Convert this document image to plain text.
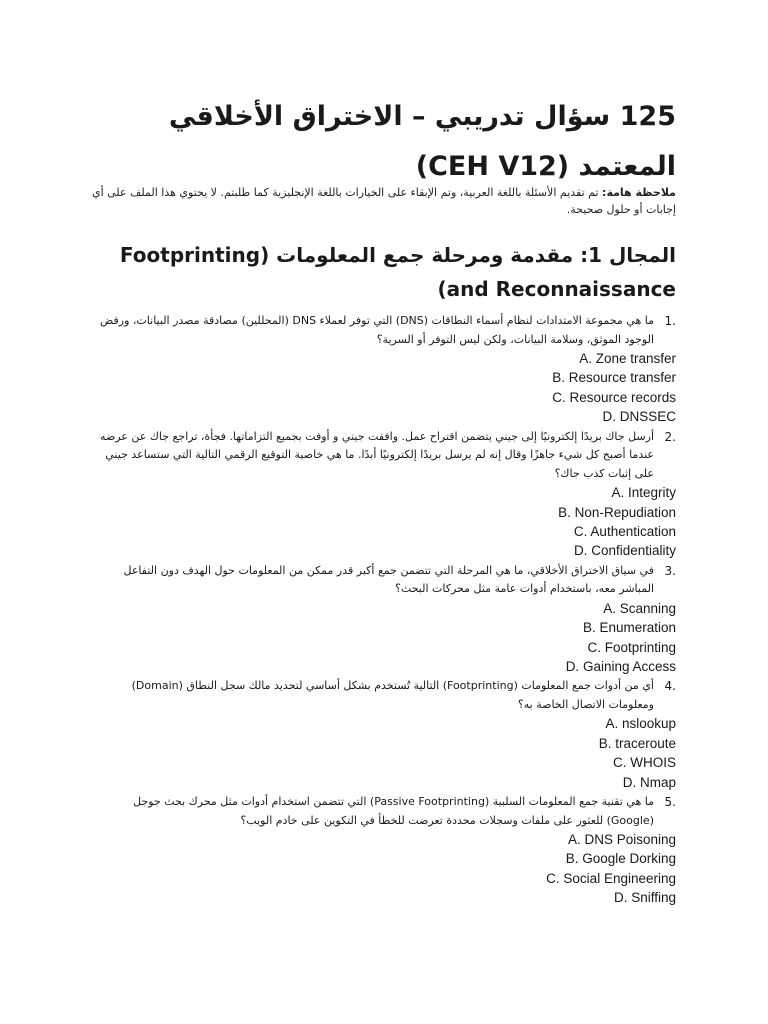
125 سؤال تدريبي – الاختراق الأخلاقي المعتمد (CEH V12)

ملاحظة هامة: تم تقديم الأسئلة باللغة العربية، وتم الإبقاء على الخيارات باللغة الإنجليزية كما طلبتم. لا يحتوي هذا الملف على أي إجابات أو حلول صحيحة.

المجال 1: مقدمة ومرحلة جمع المعلومات (Footprinting and Reconnaissance)
1.
ما هي مجموعة الامتدادات لنظام أسماء النطاقات (DNS) التي توفر لعملاء DNS (المحللين) مصادقة مصدر البيانات، ورفض الوجود الموثق، وسلامة البيانات، ولكن ليس التوفر أو السرية؟
A. Zone transfer
B. Resource transfer
C. Resource records
D. DNSSEC
2.
أرسل جاك بريدًا إلكترونيًا إلى جيني يتضمن اقتراح عمل. وافقت جيني و أوفت بجميع التزاماتها. فجأة، تراجع جاك عن عرضه عندما أصبح كل شيء جاهزًا وقال إنه لم يرسل بريدًا إلكترونيًا أبدًا. ما هي خاصية التوقيع الرقمي التالية التي ستساعد جيني على إثبات كذب جاك؟
A. Integrity
B. Non-Repudiation
C. Authentication
D. Confidentiality
3.
في سياق الاختراق الأخلاقي، ما هي المرحلة التي تتضمن جمع أكبر قدر ممكن من المعلومات حول الهدف دون التفاعل المباشر معه، باستخدام أدوات عامة مثل محركات البحث؟
A. Scanning
B. Enumeration
C. Footprinting
D. Gaining Access
4.
أي من أدوات جمع المعلومات (Footprinting) التالية تُستخدم بشكل أساسي لتحديد مالك سجل النطاق (Domain) ومعلومات الاتصال الخاصة به؟
A. nslookup
B. traceroute
C. WHOIS
D. Nmap
5.
ما هي تقنية جمع المعلومات السلبية (Passive Footprinting) التي تتضمن استخدام أدوات مثل محرك بحث جوجل (Google) للعثور على ملفات وسجلات محددة تعرضت للخطأ في التكوين على خادم الويب؟
A. DNS Poisoning
B. Google Dorking
C. Social Engineering
D. Sniffing
